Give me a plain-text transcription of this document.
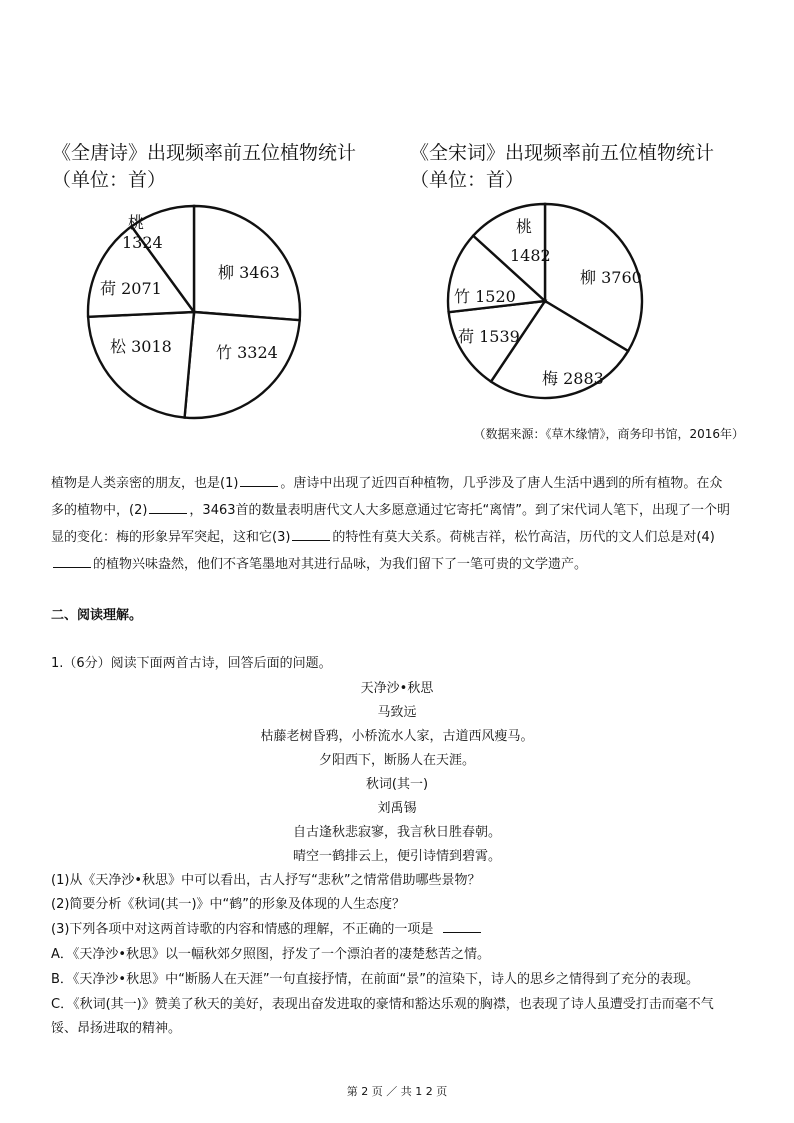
《全唐诗》出现频率前五位植物统计
（单位：首）
《全宋词》出现频率前五位植物统计
（单位：首）
柳 3463
竹 3324
松 3018
荷 2071
桃
1324
柳 3760
梅 2883
荷 1539
竹 1520
桃
1482
（数据来源：《草木缘情》，商务印书馆，2016年）
植物是人类亲密的朋友，也是(1)	。唐诗中出现了近四百种植物，几乎涉及了唐人生活中遇到的所有植物。在众
多的植物中，(2)	，3463首的数量表明唐代文人大多愿意通过它寄托“离情”。到了宋代词人笔下，出现了一个明
显的变化：梅的形象异军突起，这和它(3)	的特性有莫大关系。荷桃吉祥，松竹高洁，历代的文人们总是对(4)
的植物兴味盎然，他们不吝笔墨地对其进行品咏，为我们留下了一笔可贵的文学遗产。
二、阅读理解。
1.（6分）阅读下面两首古诗，回答后面的问题。
天净沙•秋思
马致远
枯藤老树昏鸦，小桥流水人家，古道西风瘦马。
夕阳西下，断肠人在天涯。
秋词(其一)
刘禹锡
自古逢秋悲寂寥，我言秋日胜春朝。
晴空一鹤排云上，便引诗情到碧霄。
(1)从《天净沙•秋思》中可以看出，古人抒写“悲秋”之情常借助哪些景物？
(2)简要分析《秋词(其一)》中“鹤”的形象及体现的人生态度？
(3)下列各项中对这两首诗歌的内容和情感的理解，不正确的一项是
A．《天净沙•秋思》以一幅秋郊夕照图，抒发了一个漂泊者的凄楚愁苦之情。
B．《天净沙•秋思》中“断肠人在天涯”一句直接抒情，在前面“景”的渲染下，诗人的思乡之情得到了充分的表现。
C．《秋词(其一)》赞美了秋天的美好，表现出奋发进取的豪情和豁达乐观的胸襟，也表现了诗人虽遭受打击而毫不气
馁、昂扬进取的精神。
第 2 页 ／ 共 1 2 页
